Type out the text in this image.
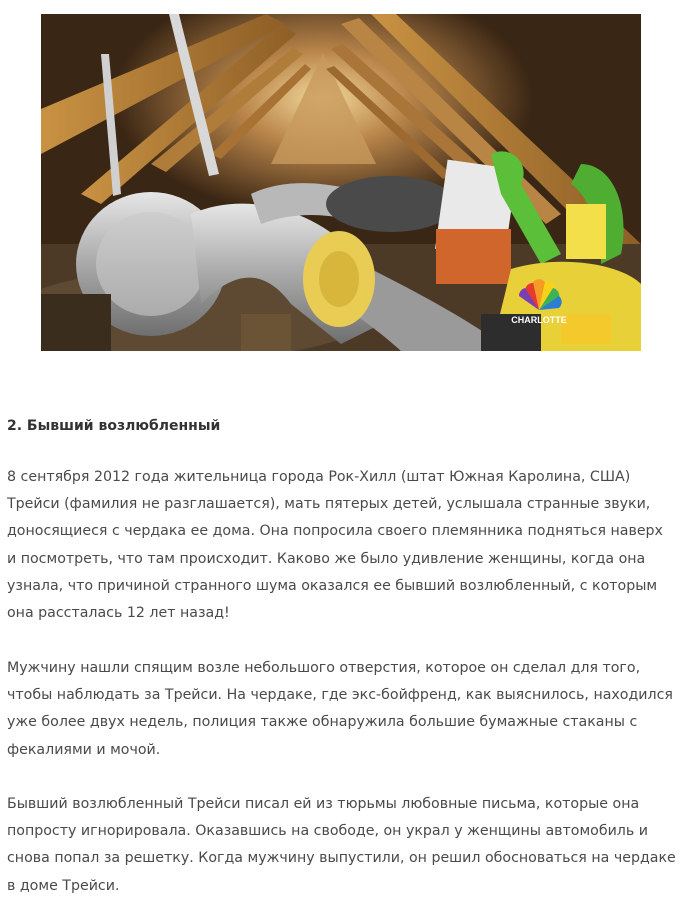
CHARLOTTE
2. Бывший возлюбленный
8 сентября 2012 года жительница города Рок-Хилл (штат Южная Каролина, США)
Трейси (фамилия не разглашается), мать пятерых детей, услышала странные звуки,
доносящиеся с чердака ее дома. Она попросила своего племянника подняться наверх
и посмотреть, что там происходит. Каково же было удивление женщины, когда она
узнала, что причиной странного шума оказался ее бывший возлюбленный, с которым
она рассталась 12 лет назад!
Мужчину нашли спящим возле небольшого отверстия, которое он сделал для того,
чтобы наблюдать за Трейси. На чердаке, где экс-бойфренд, как выяснилось, находился
уже более двух недель, полиция также обнаружила большие бумажные стаканы с
фекалиями и мочой.
Бывший возлюбленный Трейси писал ей из тюрьмы любовные письма, которые она
попросту игнорировала. Оказавшись на свободе, он украл у женщины автомобиль и
снова попал за решетку. Когда мужчину выпустили, он решил обосноваться на чердаке
в доме Трейси.
